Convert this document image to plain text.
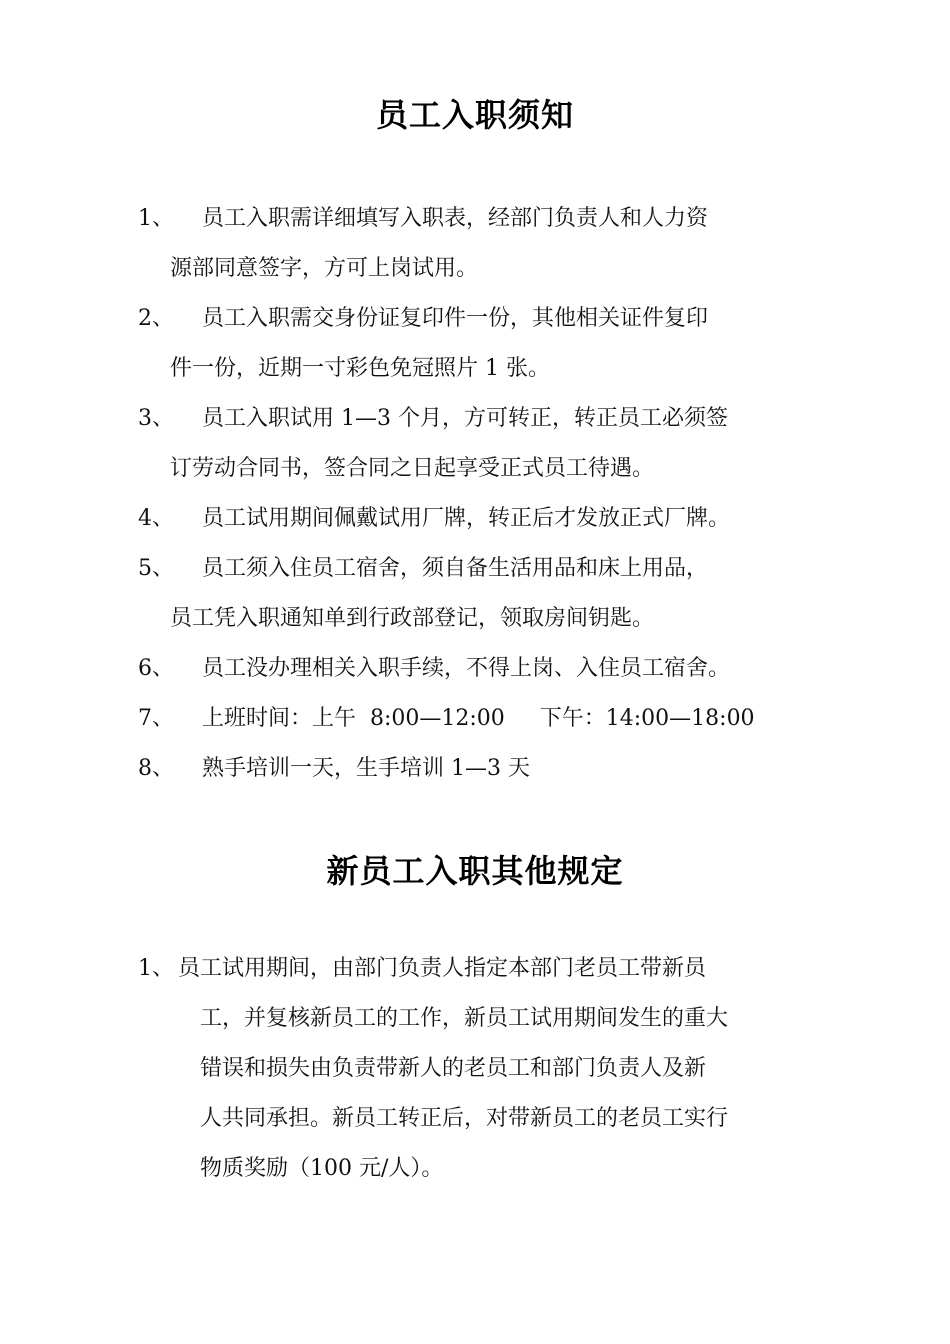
员工入职须知
1、 员工入职需详细填写入职表，经部门负责人和人力资
源部同意签字，方可上岗试用。
2、 员工入职需交身份证复印件一份，其他相关证件复印
件一份，近期一寸彩色免冠照片 1 张。
3、 员工入职试用 1—3 个月，方可转正，转正员工必须签
订劳动合同书，签合同之日起享受正式员工待遇。
4、 员工试用期间佩戴试用厂牌，转正后才发放正式厂牌。
5、 员工须入住员工宿舍，须自备生活用品和床上用品，
员工凭入职通知单到行政部登记，领取房间钥匙。
6、 员工没办理相关入职手续，不得上岗、入住员工宿舍。
7、 上班时间：上午  8:00—12:00     下午：14:00—18:00
8、 熟手培训一天，生手培训 1—3 天
新员工入职其他规定
1、 员工试用期间，由部门负责人指定本部门老员工带新员
工，并复核新员工的工作，新员工试用期间发生的重大
错误和损失由负责带新人的老员工和部门负责人及新
人共同承担。新员工转正后，对带新员工的老员工实行
物质奖励（100 元/人）。
